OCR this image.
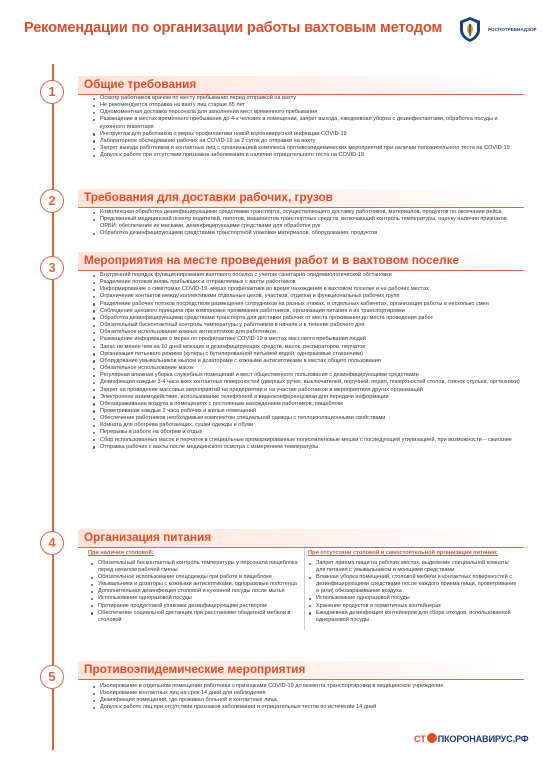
Рекомендации по организации работы вахтовым методом	РОСПОТРЕБНАДЗОР
1	Общие требования
Осмотр работников врачом по месту пребывания перед отправкой на вахту
Не рекомендуется отправка на вахту лиц старше 65 лет
Одномоментная доставка персонала для заполнения мест временного пребывания
Размещение в местах временного пребывания до 4-х человек в помещении, запрет выхода, ежедневная уборка с дезинфектантами, обработка посуды и кухонного инвентаря
Инструктаж для работников о мерах профилактики новой коронавирусной инфекции COVID-19
Лабораторное обследование рабочих на COVID-19 за 2 суток до отправки на вахту
Запрет выезда работников и контактных лиц с организацией комплекса противоэпидемических мероприятий при наличии положительного теста на COVID-19
Допуск к работе при отсутствии признаков заболевания и наличии отрицательного теста на COVID-19
2	Требования для доставки рабочих, грузов
Комплексная обработка дезинфицирующими средствами транспорта, осуществляющего доставку работников, материалов, продуктов по окончании рейса
Предсменный медицинский осмотр водителей, пилотов, машинистов транспортных средств, включающий контроль температуры, оценку наличия признаков ОРВИ; обеспечение их масками, дезинфицирующими средствами для обработки рук
Обработка дезинфицирующими средствами транспортной упаковки материалов, оборудования, продуктов
3	Мероприятия на месте проведения работ и в вахтовом поселке
Внутренний порядок функционирования вахтового поселка с учетом санитарно-эпидемиологической обстановки
Разделение потоков вновь прибывших и отправляемых с вахты работников
Информирование о симптомах COVID-19, мерах профилактики во время нахождения в вахтовом поселке и на рабочих местах
Ограничение контактов между коллективами отдельных цехов, участков, отделов и функциональных рабочих групп
Разделение рабочих потоков посредством размещения сотрудников на разных этажах, в отдельных кабинетах, организация работы в несколько смен
Соблюдение цехового принципа при компоновке проживания работников, организации питания и их транспортировки
Обработка дезинфицирующими средствами транспорта для доставки рабочих от места проживания до места проведения работ
Обязательный бесконтактный контроль температуры у работников в начале и в течение рабочего дня
Обязательное использование кожных антисептиков для работников
Размещение информации о мерах по профилактике COVID-19 в местах массового пребывания людей
Запас не менее чем на 10 дней моющих и дезинфицирующих средств, масок, респираторов, перчаток
Организация питьевого режима (кулеры с бутилированной питьевой водой, одноразовые стаканчики)
Оборудование умывальников мылом и дозаторами с кожными антисептиками в местах общего пользования
Обязательное использование масок
Регулярная влажная уборка служебных помещений и мест общественного пользования с дезинфицирующими средствами
Дезинфекция каждые 3-4 часа всех контактных поверхностей (дверных ручек, выключателей, поручней, перил, поверхностей столов, спинок стульев, оргтехники)
Запрет на проведение массовых мероприятий на предприятии и на участие работников в мероприятиях других организаций
Электронное взаимодействие, использование телефонной и видеоконференцсвязи для передачи информации
Обеззараживание воздуха в помещениях с постоянным нахождением работников, пищеблоке
Проветривание каждые 2 часа рабочих и жилых помещений
Обеспечение работников необходимым комплектом специальной одежды с теплоизоляционными свойствами
Комната для обогрева работающих, сушки одежды и обуви
Перерывы в работе на обогрев и отдых
Сбор использованных масок и перчаток в специальные промаркированные полиэтиленовые мешки с последующей утилизацией, при возможности – сжигание
Отправка рабочих с вахты после медицинского осмотра с измерением температуры
4	Организация питания
При наличии столовой:
Обязательный бесконтактный контроль температуры у персонала пищеблока перед началом рабочей смены
Обязательное использование спецодежды при работе в пищеблоке
Умывальники и дозаторы с кожными антисептиками, одноразовые полотенца
Дополнительная дезинфекция столовой и кухонной посуды после мытья
Использование одноразовой посуды
Протирание продуктовой упаковки дезинфицирующим раствором
Обеспечение социальной дистанции при расстановке обеденной мебели в столовой
При отсутствии столовой и самостоятельной организации питания:
Запрет приема пищи на рабочих местах, выделение специальной комнаты для питания с умывальником и моющими средствами
Влажная уборка помещений, столовой мебели и контактных поверхностей с дезинфицирующими средствами после каждого приема пищи, проветривание и (или) обеззараживание воздуха
Использование одноразовой посуды
Хранение продуктов в герметичных контейнерах
Ежедневная дезинфекция контейнеров для сбора отходов, использованной одноразовой посуды
5	Противоэпидемические мероприятия
Изолирование в отдельном помещении работника с признаками COVID-19 до момента транспортировки в медицинское учреждение
Изолирование контактных лиц на срок 14 дней для наблюдения
Дезинфекция помещений, где проживал больной и контактные лица
Допуск к работе лиц при отсутствии признаков заболевания и отрицательных тестов по истечении 14 дней
СТ ПКОРОНАВИРУС.РФ
